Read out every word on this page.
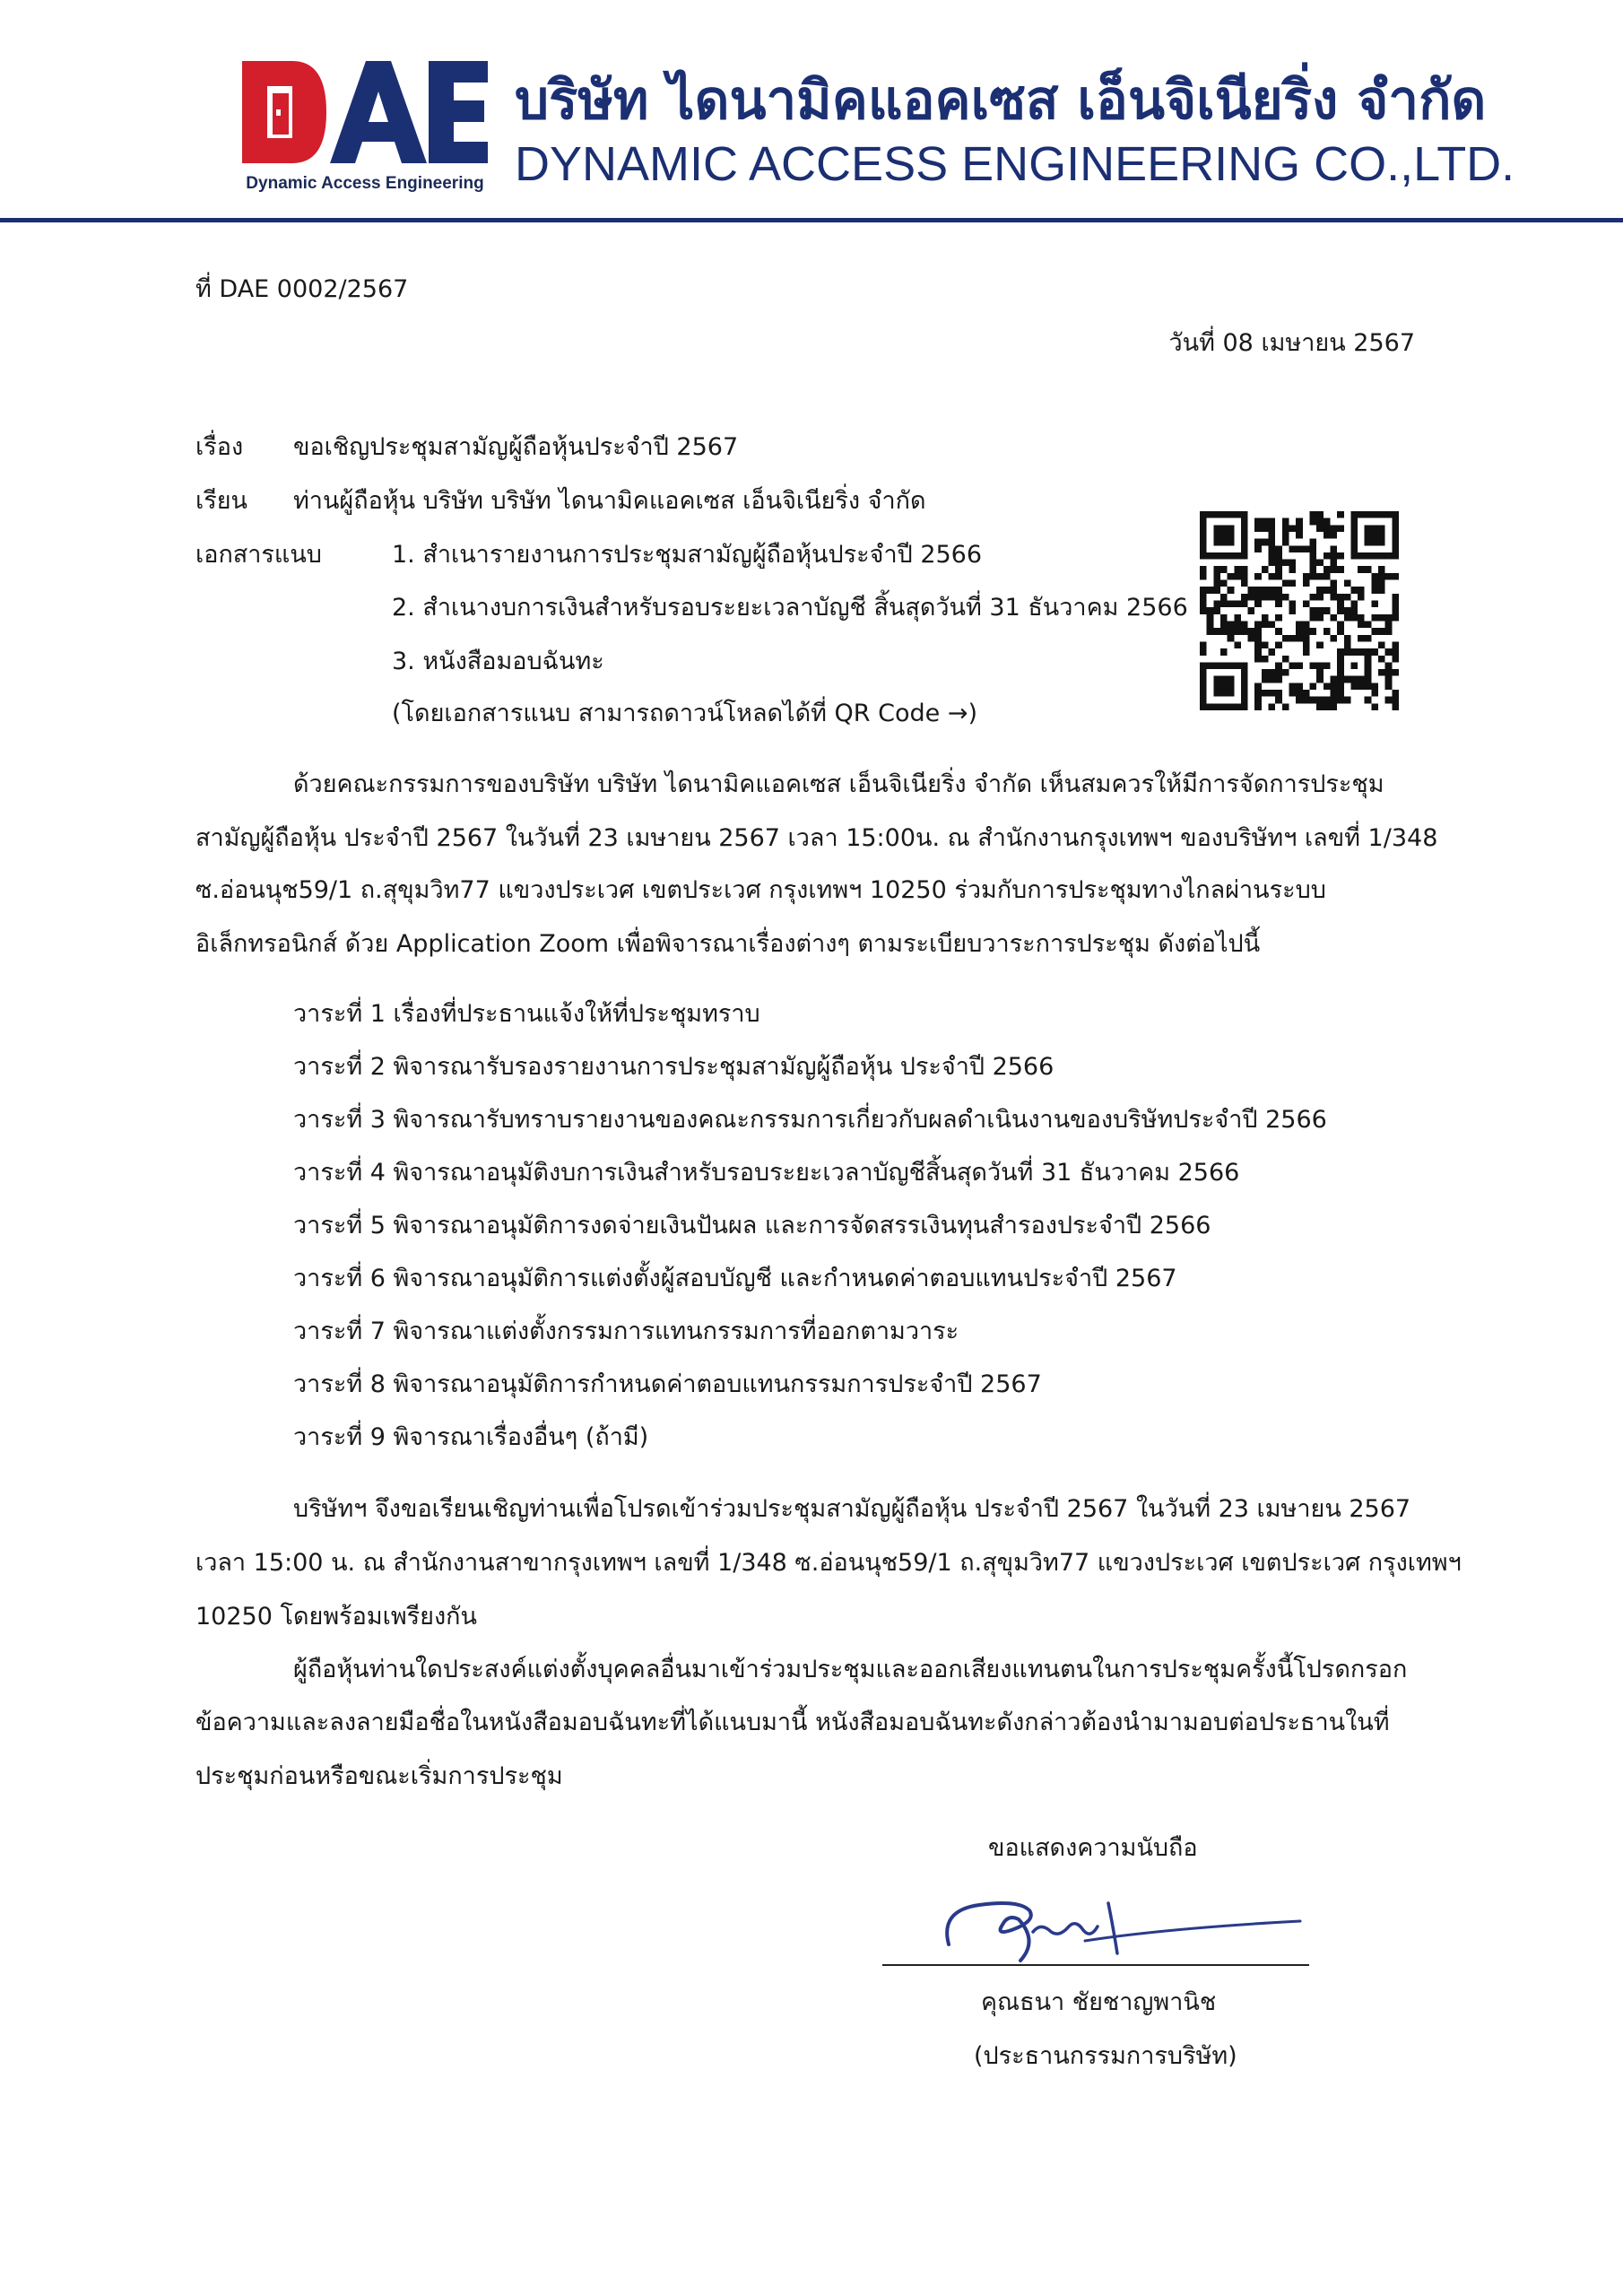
Dynamic Access Engineering
บริษัท ไดนามิคแอคเซส เอ็นจิเนียริ่ง จำกัด
DYNAMIC ACCESS ENGINEERING CO.,LTD.
ที่ DAE 0002/2567
วันที่ 08 เมษายน 2567
เรื่อง ขอเชิญประชุมสามัญผู้ถือหุ้นประจำปี 2567
เรียน ท่านผู้ถือหุ้น บริษัท บริษัท ไดนามิคแอคเซส เอ็นจิเนียริ่ง จำกัด
เอกสารแนบ	1. สำเนารายงานการประชุมสามัญผู้ถือหุ้นประจำปี 2566
2. สำเนางบการเงินสำหรับรอบระยะเวลาบัญชี สิ้นสุดวันที่ 31 ธันวาคม 2566
3. หนังสือมอบฉันทะ
(โดยเอกสารแนบ สามารถดาวน์โหลดได้ที่ QR Code →)
ด้วยคณะกรรมการของบริษัท บริษัท ไดนามิคแอคเซส เอ็นจิเนียริ่ง จำกัด เห็นสมควรให้มีการจัดการประชุม
สามัญผู้ถือหุ้น ประจำปี 2567 ในวันที่ 23 เมษายน 2567 เวลา 15:00น. ณ สำนักงานกรุงเทพฯ ของบริษัทฯ เลขที่ 1/348
ซ.อ่อนนุช59/1 ถ.สุขุมวิท77 แขวงประเวศ เขตประเวศ กรุงเทพฯ 10250 ร่วมกับการประชุมทางไกลผ่านระบบ
อิเล็กทรอนิกส์ ด้วย Application Zoom เพื่อพิจารณาเรื่องต่างๆ ตามระเบียบวาระการประชุม ดังต่อไปนี้
วาระที่ 1 เรื่องที่ประธานแจ้งให้ที่ประชุมทราบ
วาระที่ 2 พิจารณารับรองรายงานการประชุมสามัญผู้ถือหุ้น ประจำปี 2566
วาระที่ 3 พิจารณารับทราบรายงานของคณะกรรมการเกี่ยวกับผลดำเนินงานของบริษัทประจำปี 2566
วาระที่ 4 พิจารณาอนุมัติงบการเงินสำหรับรอบระยะเวลาบัญชีสิ้นสุดวันที่ 31 ธันวาคม 2566
วาระที่ 5 พิจารณาอนุมัติการงดจ่ายเงินปันผล และการจัดสรรเงินทุนสำรองประจำปี 2566
วาระที่ 6 พิจารณาอนุมัติการแต่งตั้งผู้สอบบัญชี และกำหนดค่าตอบแทนประจำปี 2567
วาระที่ 7 พิจารณาแต่งตั้งกรรมการแทนกรรมการที่ออกตามวาระ
วาระที่ 8 พิจารณาอนุมัติการกำหนดค่าตอบแทนกรรมการประจำปี 2567
วาระที่ 9 พิจารณาเรื่องอื่นๆ (ถ้ามี)
บริษัทฯ จึงขอเรียนเชิญท่านเพื่อโปรดเข้าร่วมประชุมสามัญผู้ถือหุ้น ประจำปี 2567 ในวันที่ 23 เมษายน 2567
เวลา 15:00 น. ณ สำนักงานสาขากรุงเทพฯ เลขที่ 1/348 ซ.อ่อนนุช59/1 ถ.สุขุมวิท77 แขวงประเวศ เขตประเวศ กรุงเทพฯ
10250 โดยพร้อมเพรียงกัน
ผู้ถือหุ้นท่านใดประสงค์แต่งตั้งบุคคลอื่นมาเข้าร่วมประชุมและออกเสียงแทนตนในการประชุมครั้งนี้โปรดกรอก
ข้อความและลงลายมือชื่อในหนังสือมอบฉันทะที่ได้แนบมานี้ หนังสือมอบฉันทะดังกล่าวต้องนำมามอบต่อประธานในที่
ประชุมก่อนหรือขณะเริ่มการประชุม
ขอแสดงความนับถือ
คุณธนา ชัยชาญพานิช
(ประธานกรรมการบริษัท)
